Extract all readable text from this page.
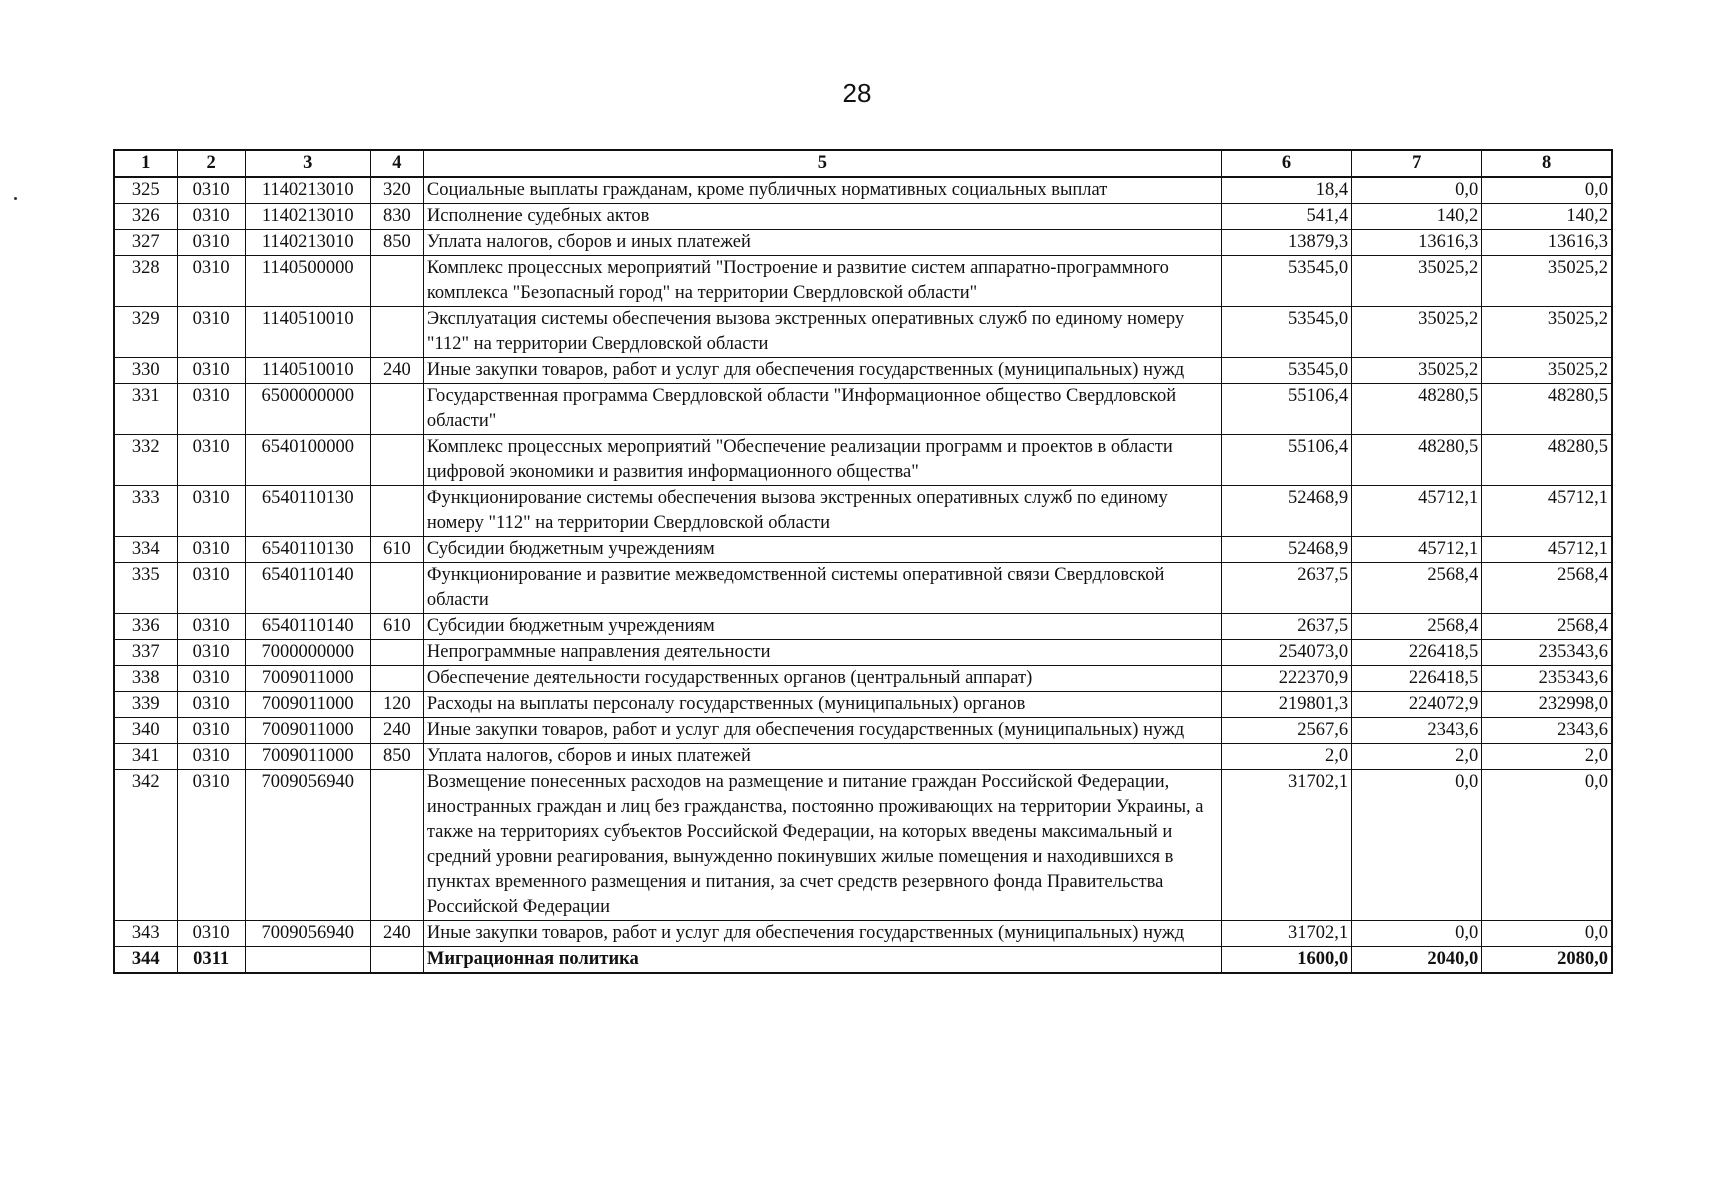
28
1	2	3	4	5	6	7	8
325	0310	1140213010	320	Социальные выплаты гражданам, кроме публичных нормативных социальных выплат	18,4	0,0	0,0
326	0310	1140213010	830	Исполнение судебных актов	541,4	140,2	140,2
327	0310	1140213010	850	Уплата налогов, сборов и иных платежей	13879,3	13616,3	13616,3
328	0310	1140500000		Комплекс процессных мероприятий "Построение и развитие систем аппаратно-программного комплекса "Безопасный город" на территории Свердловской области"	53545,0	35025,2	35025,2
329	0310	1140510010		Эксплуатация системы обеспечения вызова экстренных оперативных служб по единому номеру "112" на территории Свердловской области	53545,0	35025,2	35025,2
330	0310	1140510010	240	Иные закупки товаров, работ и услуг для обеспечения государственных (муниципальных) нужд	53545,0	35025,2	35025,2
331	0310	6500000000		Государственная программа Свердловской области "Информационное общество Свердловской области"	55106,4	48280,5	48280,5
332	0310	6540100000		Комплекс процессных мероприятий "Обеспечение реализации программ и проектов в области цифровой экономики и развития информационного общества"	55106,4	48280,5	48280,5
333	0310	6540110130		Функционирование системы обеспечения вызова экстренных оперативных служб по единому номеру "112" на территории Свердловской области	52468,9	45712,1	45712,1
334	0310	6540110130	610	Субсидии бюджетным учреждениям	52468,9	45712,1	45712,1
335	0310	6540110140		Функционирование и развитие межведомственной системы оперативной связи Свердловской области	2637,5	2568,4	2568,4
336	0310	6540110140	610	Субсидии бюджетным учреждениям	2637,5	2568,4	2568,4
337	0310	7000000000		Непрограммные направления деятельности	254073,0	226418,5	235343,6
338	0310	7009011000		Обеспечение деятельности государственных органов (центральный аппарат)	222370,9	226418,5	235343,6
339	0310	7009011000	120	Расходы на выплаты персоналу государственных (муниципальных) органов	219801,3	224072,9	232998,0
340	0310	7009011000	240	Иные закупки товаров, работ и услуг для обеспечения государственных (муниципальных) нужд	2567,6	2343,6	2343,6
341	0310	7009011000	850	Уплата налогов, сборов и иных платежей	2,0	2,0	2,0
342	0310	7009056940		Возмещение понесенных расходов на размещение и питание граждан Российской Федерации, иностранных граждан и лиц без гражданства, постоянно проживающих на территории Украины, а также на территориях субъектов Российской Федерации, на которых введены максимальный и средний уровни реагирования, вынужденно покинувших жилые помещения и находившихся в пунктах временного размещения и питания, за счет средств резервного фонда Правительства Российской Федерации	31702,1	0,0	0,0
343	0310	7009056940	240	Иные закупки товаров, работ и услуг для обеспечения государственных (муниципальных) нужд	31702,1	0,0	0,0
344	0311			Миграционная политика	1600,0	2040,0	2080,0
